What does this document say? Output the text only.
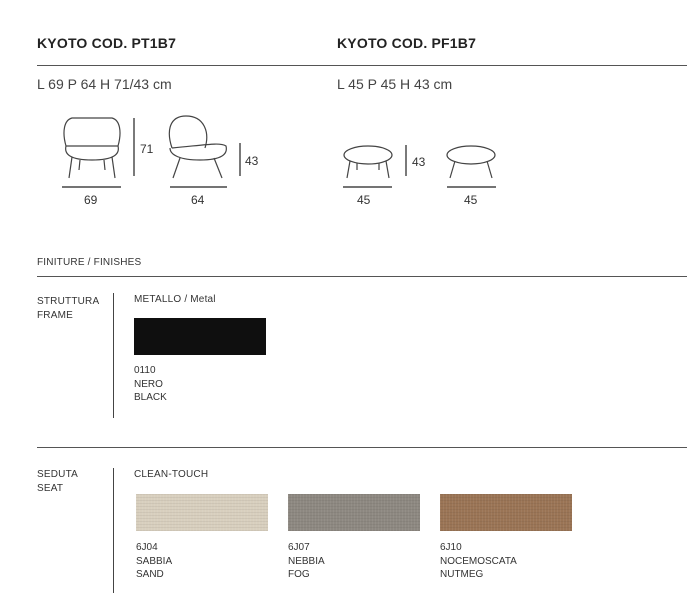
KYOTO COD. PT1B7
L 69 P 64 H 71/43 cm
KYOTO COD. PF1B7
L 45 P 45 H 43 cm
69
71
64
43
45
43
45
FINITURE / FINISHES
STRUTTURA
FRAME
METALLO / Metal
0110
NERO
BLACK
SEDUTA
SEAT
CLEAN-TOUCH
6J04
SABBIA
SAND
6J07
NEBBIA
FOG
6J10
NOCEMOSCATA
NUTMEG
